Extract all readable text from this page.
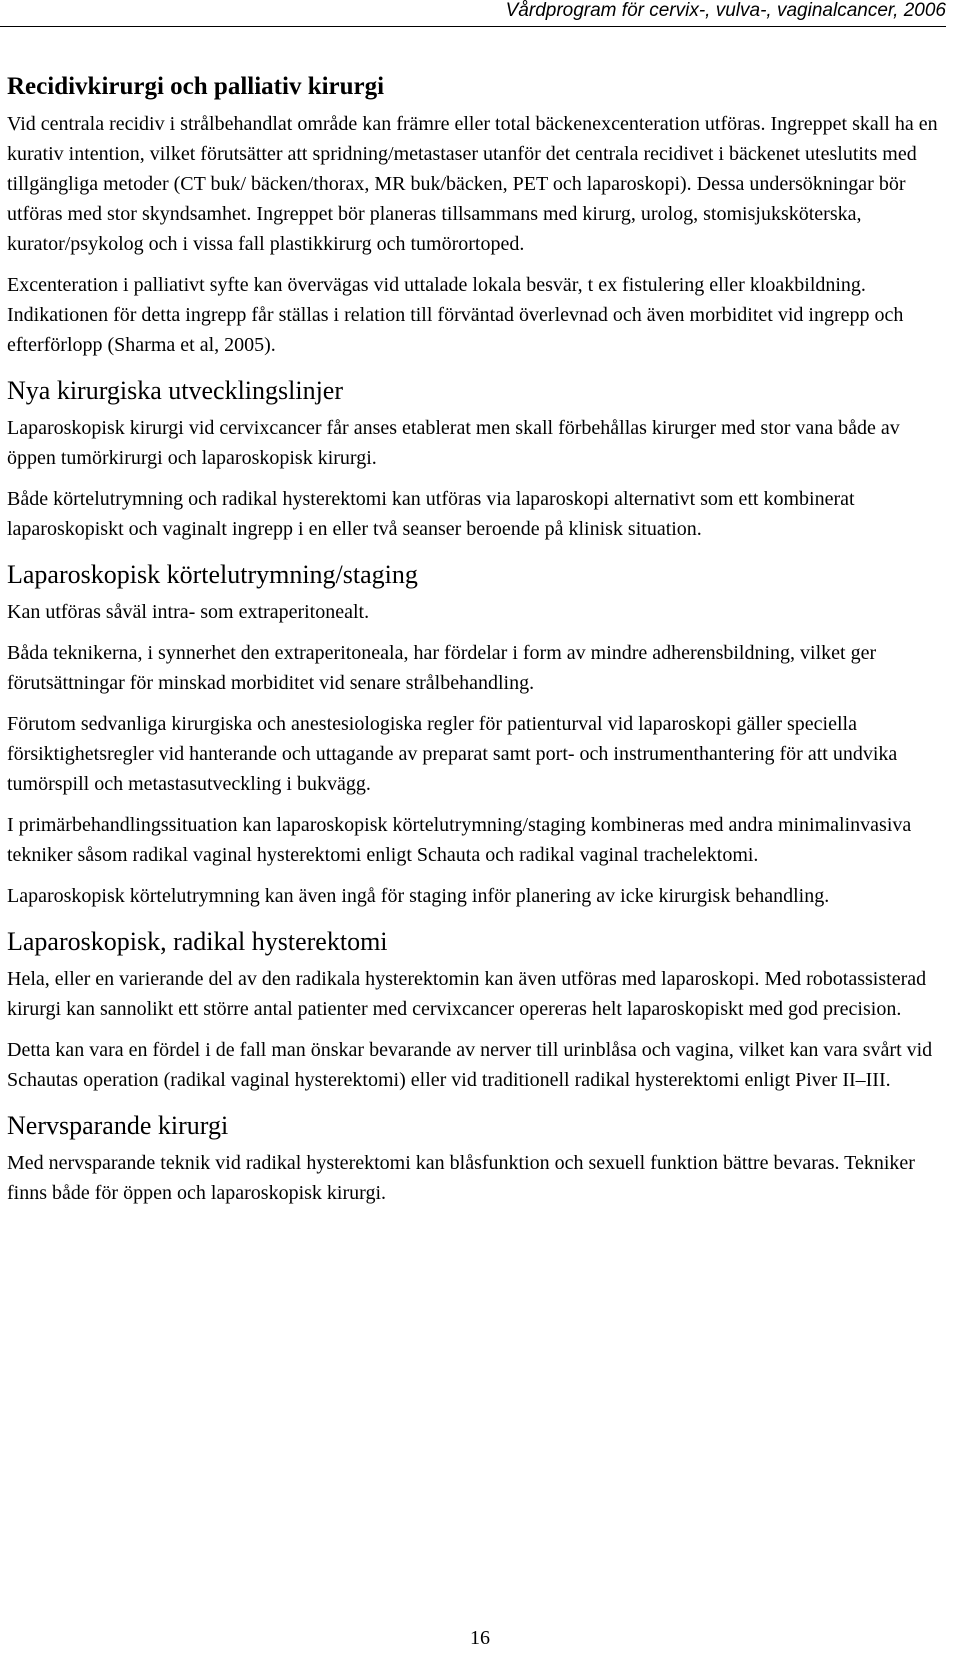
Vårdprogram för cervix-, vulva-, vaginalcancer, 2006
Recidivkirurgi och palliativ kirurgi

Vid centrala recidiv i strålbehandlat område kan främre eller total bäckenexcenteration utföras. Ingreppet skall ha en kurativ intention, vilket förutsätter att spridning/metastaser utanför det centrala recidivet i bäckenet uteslutits med tillgängliga metoder (CT buk/ bäcken/thorax, MR buk/bäcken, PET och laparoskopi). Dessa undersökningar bör utföras med stor skyndsamhet. Ingreppet bör planeras tillsammans med kirurg, urolog, stomisjuksköterska, kurator/psykolog och i vissa fall plastikkirurg och tumörortoped.

Excenteration i palliativt syfte kan övervägas vid uttalade lokala besvär, t ex fistulering eller kloakbildning. Indikationen för detta ingrepp får ställas i relation till förväntad överlevnad och även morbiditet vid ingrepp och efterförlopp (Sharma et al, 2005).

Nya kirurgiska utvecklingslinjer

Laparoskopisk kirurgi vid cervixcancer får anses etablerat men skall förbehållas kirurger med stor vana både av öppen tumörkirurgi och laparoskopisk kirurgi.

Både körtelutrymning och radikal hysterektomi kan utföras via laparoskopi alternativt som ett kombinerat laparoskopiskt och vaginalt ingrepp i en eller två seanser beroende på klinisk situation.

Laparoskopisk körtelutrymning/staging

Kan utföras såväl intra- som extraperitonealt.

Båda teknikerna, i synnerhet den extraperitoneala, har fördelar i form av mindre adherensbildning, vilket ger förutsättningar för minskad morbiditet vid senare strålbehandling.

Förutom sedvanliga kirurgiska och anestesiologiska regler för patienturval vid laparoskopi gäller speciella försiktighetsregler vid hanterande och uttagande av preparat samt port- och instrumenthantering för att undvika tumörspill och metastasutveckling i bukvägg.

I primärbehandlingssituation kan laparoskopisk körtelutrymning/staging kombineras med andra minimalinvasiva tekniker såsom radikal vaginal hysterektomi enligt Schauta och radikal vaginal trachelektomi.

Laparoskopisk körtelutrymning kan även ingå för staging inför planering av icke kirurgisk behandling.

Laparoskopisk, radikal hysterektomi

Hela, eller en varierande del av den radikala hysterektomin kan även utföras med laparoskopi. Med robotassisterad kirurgi kan sannolikt ett större antal patienter med cervixcancer opereras helt laparoskopiskt med god precision.

Detta kan vara en fördel i de fall man önskar bevarande av nerver till urinblåsa och vagina, vilket kan vara svårt vid Schautas operation (radikal vaginal hysterektomi) eller vid traditionell radikal hysterektomi enligt Piver II–III.

Nervsparande kirurgi

Med nervsparande teknik vid radikal hysterektomi kan blåsfunktion och sexuell funktion bättre bevaras. Tekniker finns både för öppen och laparoskopisk kirurgi.

16
